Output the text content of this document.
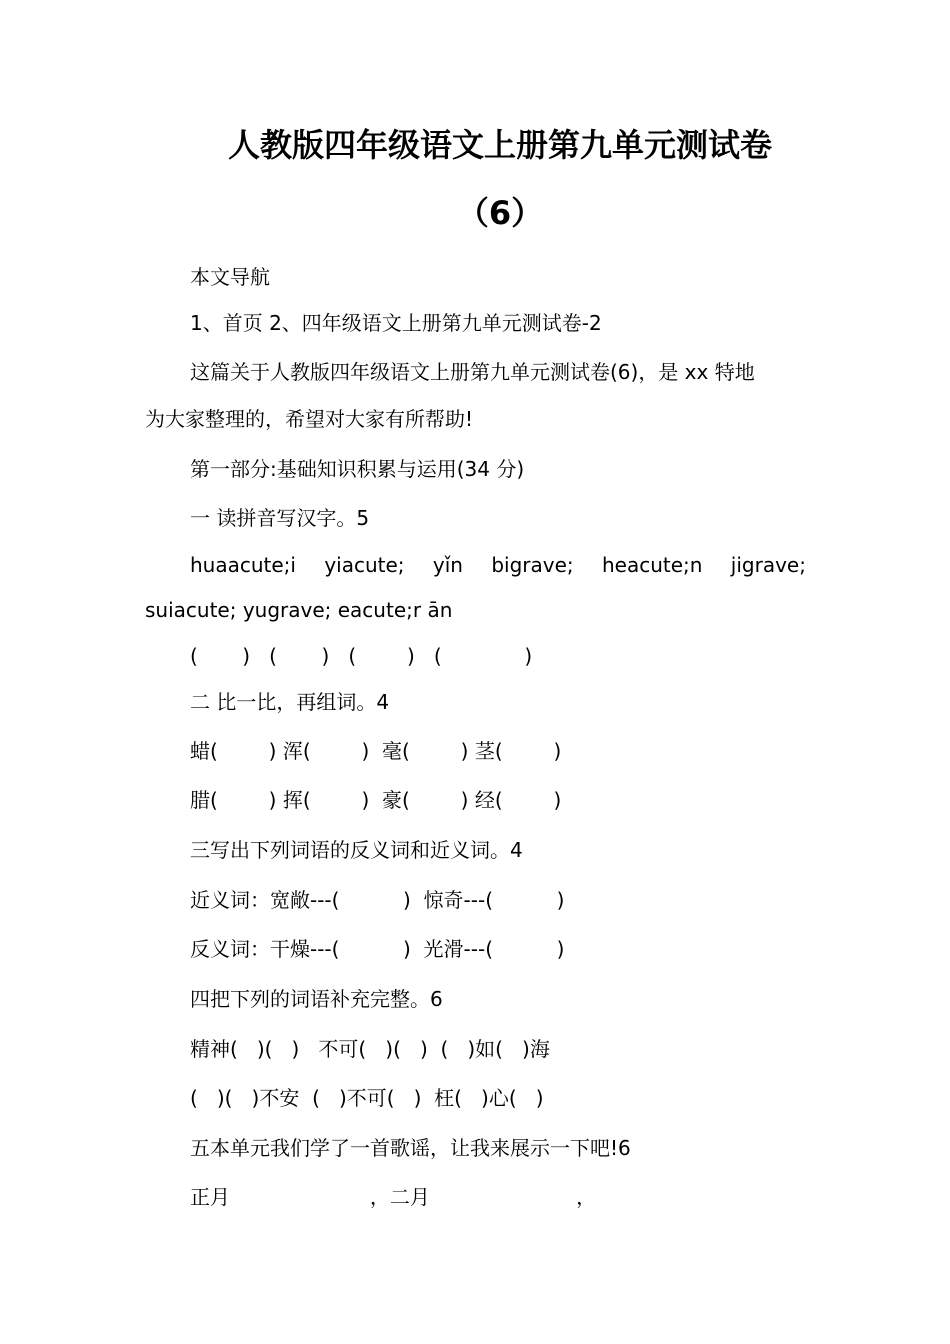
人教版四年级语文上册第九单元测试卷
（6）
本文导航
1、首页 2、四年级语文上册第九单元测试卷-2
这篇关于人教版四年级语文上册第九单元测试卷(6)，是 xx 特地
为大家整理的，希望对大家有所帮助!
第一部分:基础知识积累与运用(34 分)
一 读拼音写汉字。5
huaacute;i yiacute; yǐn bigrave; heacute;n jigrave;
suiacute; yugrave; eacute;r ān
(       )   (       )   (        )   (             )
二 比一比，再组词。4
蜡(        ) 浑(        )  毫(        ) 茎(        )
腊(        ) 挥(        )  豪(        ) 经(        )
三写出下列词语的反义词和近义词。4
近义词：宽敞---(          )  惊奇---(          )
反义词：干燥---(          )  光滑---(          )
四把下列的词语补充完整。6
精神(   )(   )   不可(   )(   )  (   )如(   )海
(   )(   )不安  (   )不可(   )  枉(   )心(   )
五本单元我们学了一首歌谣，让我来展示一下吧!6
正月                      ，二月                       ，
